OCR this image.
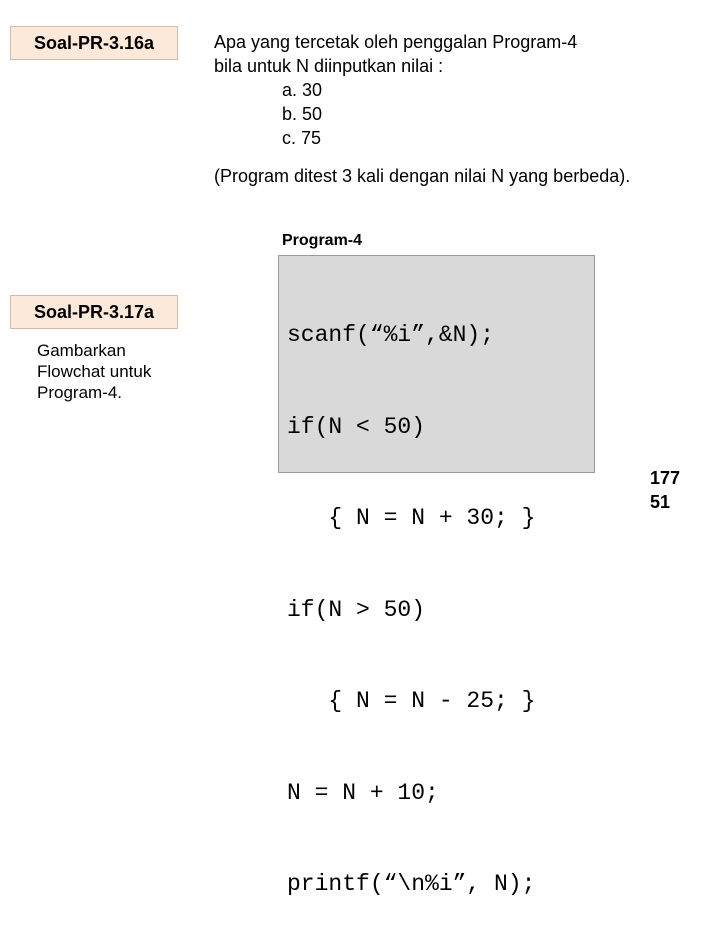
Soal-PR-3.16a	Apa yang tercetak oleh penggalan Program-4
bila untuk N diinputkan nilai :
a. 30
b. 50
c. 75
(Program ditest 3 kali dengan nilai N yang berbeda).
Program-4

scanf(“%i”,&N);

if(N < 50)

{ N = N + 30; }

if(N > 50)

{ N = N - 25; }

N = N + 10;

printf(“\n%i”, N);

Soal-PR-3.17a
Gambarkan Flowchat untuk Program-4.
177
51
